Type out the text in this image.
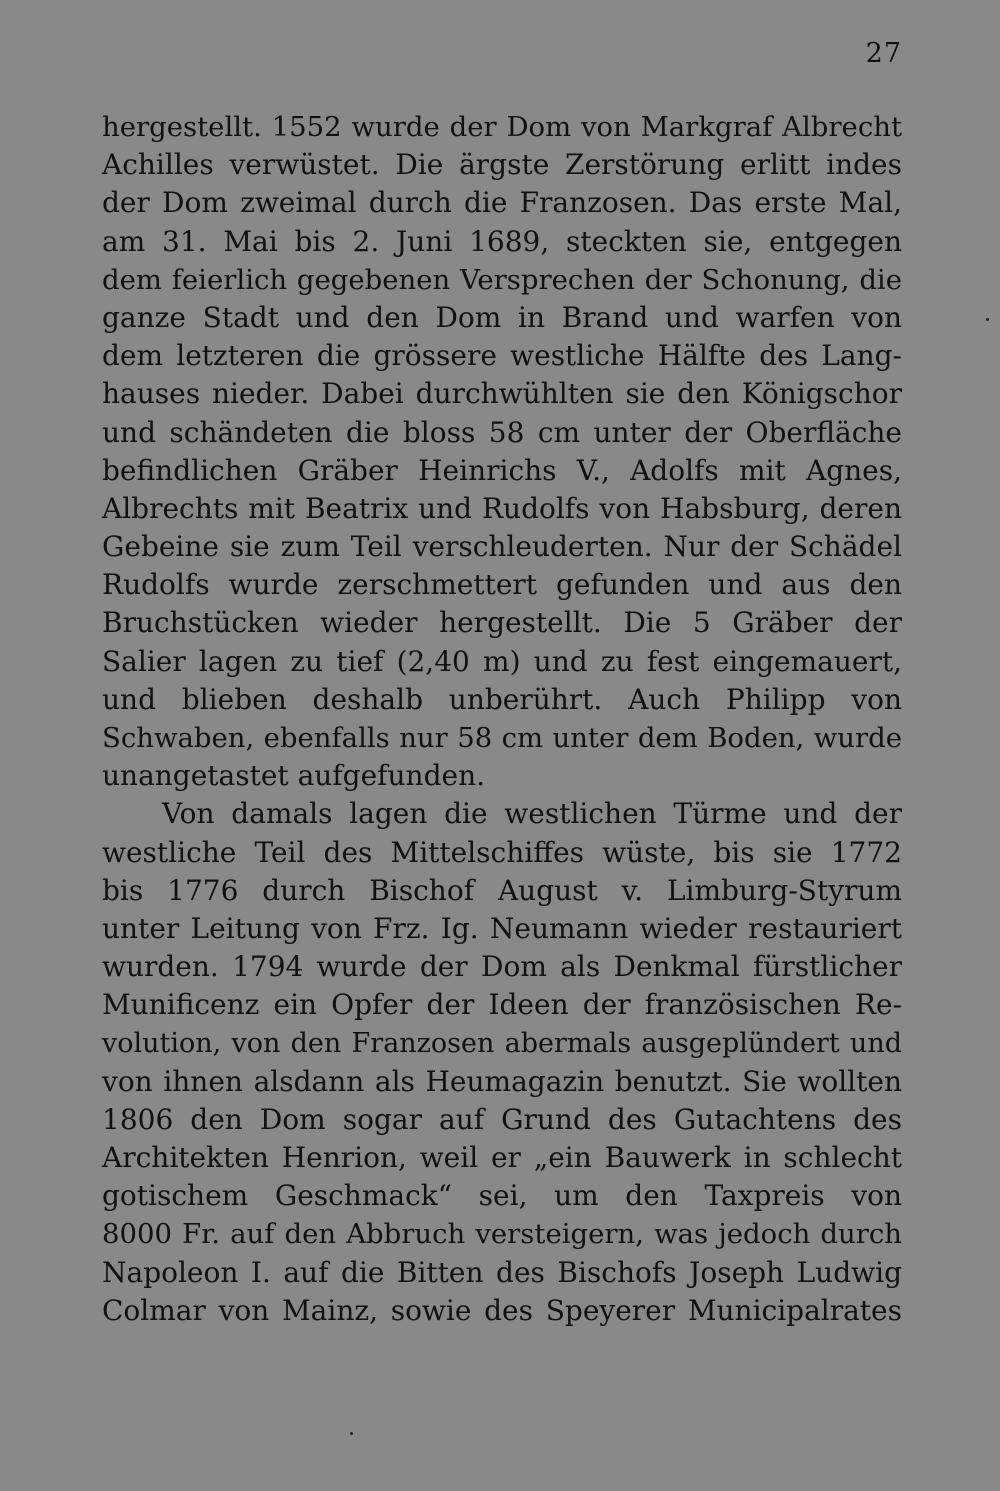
27
hergestellt. 1552 wurde der Dom von Markgraf Albrecht
Achilles verwüstet. Die ärgste Zerstörung erlitt indes
der Dom zweimal durch die Franzosen. Das erste Mal,
am 31. Mai bis 2. Juni 1689, steckten sie, entgegen
dem feierlich gegebenen Versprechen der Schonung, die
ganze Stadt und den Dom in Brand und warfen von
dem letzteren die grössere westliche Hälfte des Lang-
hauses nieder. Dabei durchwühlten sie den Königschor
und schändeten die bloss 58 cm unter der Oberfläche
befindlichen Gräber Heinrichs V., Adolfs mit Agnes,
Albrechts mit Beatrix und Rudolfs von Habsburg, deren
Gebeine sie zum Teil verschleuderten. Nur der Schädel
Rudolfs wurde zerschmettert gefunden und aus den
Bruchstücken wieder hergestellt. Die 5 Gräber der
Salier lagen zu tief (2,40 m) und zu fest eingemauert,
und blieben deshalb unberührt. Auch Philipp von
Schwaben, ebenfalls nur 58 cm unter dem Boden, wurde
unangetastet aufgefunden.
Von damals lagen die westlichen Türme und der
westliche Teil des Mittelschiffes wüste, bis sie 1772
bis 1776 durch Bischof August v. Limburg-Styrum
unter Leitung von Frz. Ig. Neumann wieder restauriert
wurden. 1794 wurde der Dom als Denkmal fürstlicher
Munificenz ein Opfer der Ideen der französischen Re-
volution, von den Franzosen abermals ausgeplündert und
von ihnen alsdann als Heumagazin benutzt. Sie wollten
1806 den Dom sogar auf Grund des Gutachtens des
Architekten Henrion, weil er „ein Bauwerk in schlecht
gotischem Geschmack“ sei, um den Taxpreis von
8000 Fr. auf den Abbruch versteigern, was jedoch durch
Napoleon I. auf die Bitten des Bischofs Joseph Ludwig
Colmar von Mainz, sowie des Speyerer Municipalrates
